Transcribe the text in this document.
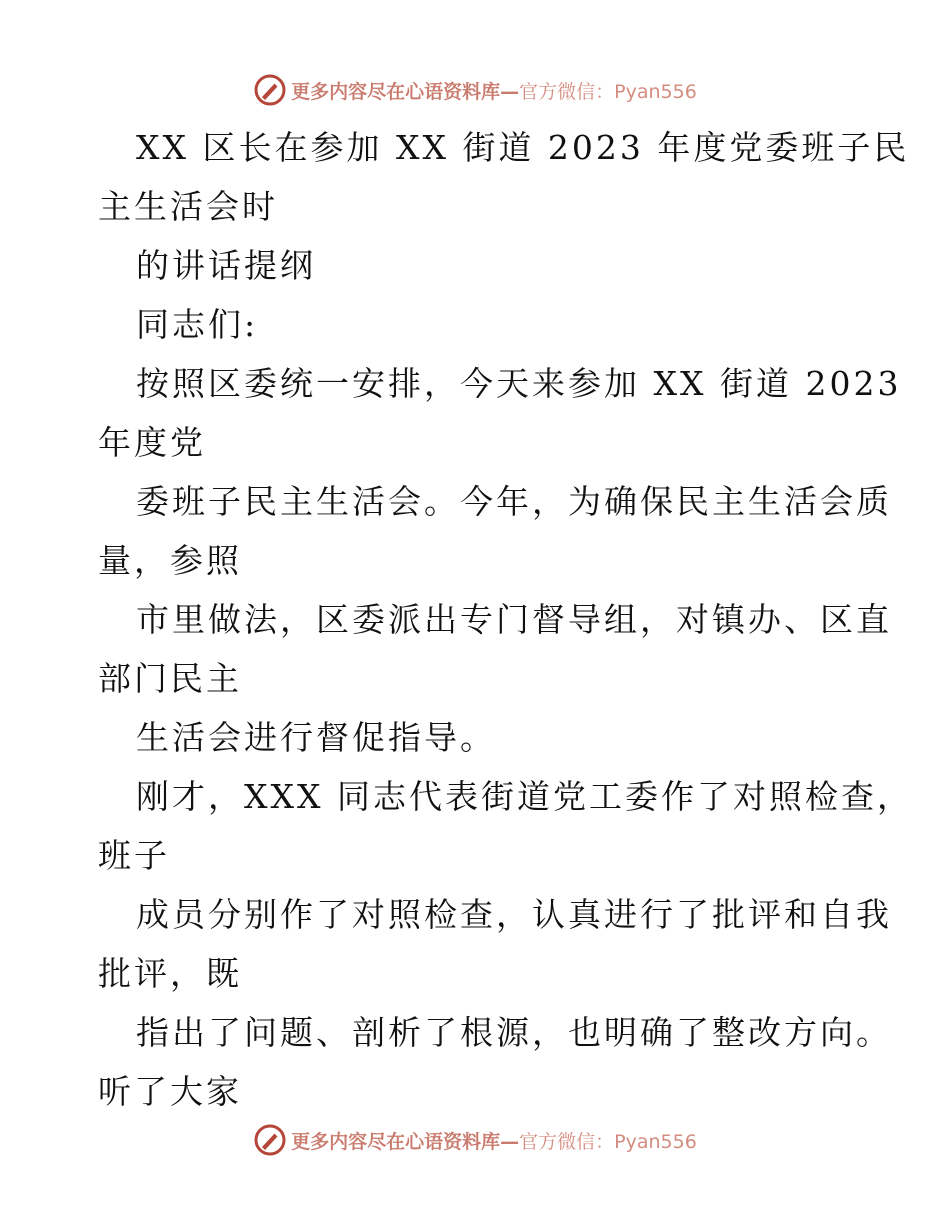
更多内容尽在心语资料库—官方微信：Pyan556
XX 区长在参加 XX 街道 2023 年度党委班子民
主生活会时
的讲话提纲
同志们:
按照区委统一安排，今天来参加 XX 街道 2023
年度党
委班子民主生活会。今年，为确保民主生活会质
量，参照
市里做法，区委派出专门督导组，对镇办、区直
部门民主
生活会进行督促指导。
刚才，XXX 同志代表街道党工委作了对照检查，
班子
成员分别作了对照检查，认真进行了批评和自我
批评，既
指出了问题、剖析了根源，也明确了整改方向。
听了大家
更多内容尽在心语资料库—官方微信：Pyan556
